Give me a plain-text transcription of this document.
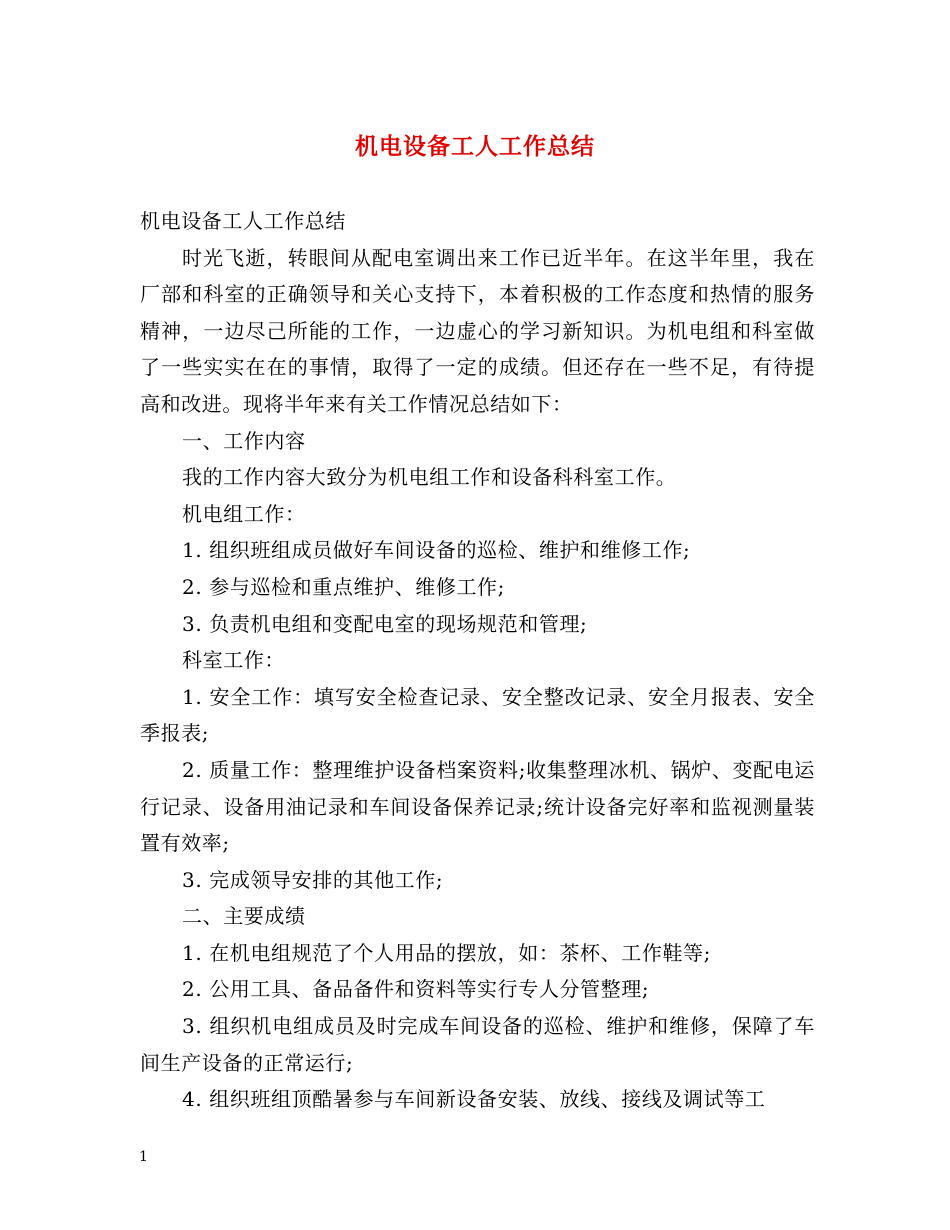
机电设备工人工作总结

机电设备工人工作总结

时光飞逝，转眼间从配电室调出来工作已近半年。在这半年里，我在厂部和科室的正确领导和关心支持下，本着积极的工作态度和热情的服务精神，一边尽己所能的工作，一边虚心的学习新知识。为机电组和科室做了一些实实在在的事情，取得了一定的成绩。但还存在一些不足，有待提高和改进。现将半年来有关工作情况总结如下：

一、工作内容

我的工作内容大致分为机电组工作和设备科科室工作。

机电组工作：

1. 组织班组成员做好车间设备的巡检、维护和维修工作;

2. 参与巡检和重点维护、维修工作;

3. 负责机电组和变配电室的现场规范和管理;

科室工作：

1. 安全工作：填写安全检查记录、安全整改记录、安全月报表、安全季报表;

2. 质量工作：整理维护设备档案资料;收集整理冰机、锅炉、变配电运行记录、设备用油记录和车间设备保养记录;统计设备完好率和监视测量装置有效率;

3. 完成领导安排的其他工作;

二、主要成绩

1. 在机电组规范了个人用品的摆放，如：茶杯、工作鞋等;

2. 公用工具、备品备件和资料等实行专人分管整理;

3. 组织机电组成员及时完成车间设备的巡检、维护和维修，保障了车间生产设备的正常运行;

4. 组织班组顶酷暑参与车间新设备安装、放线、接线及调试等工

1
